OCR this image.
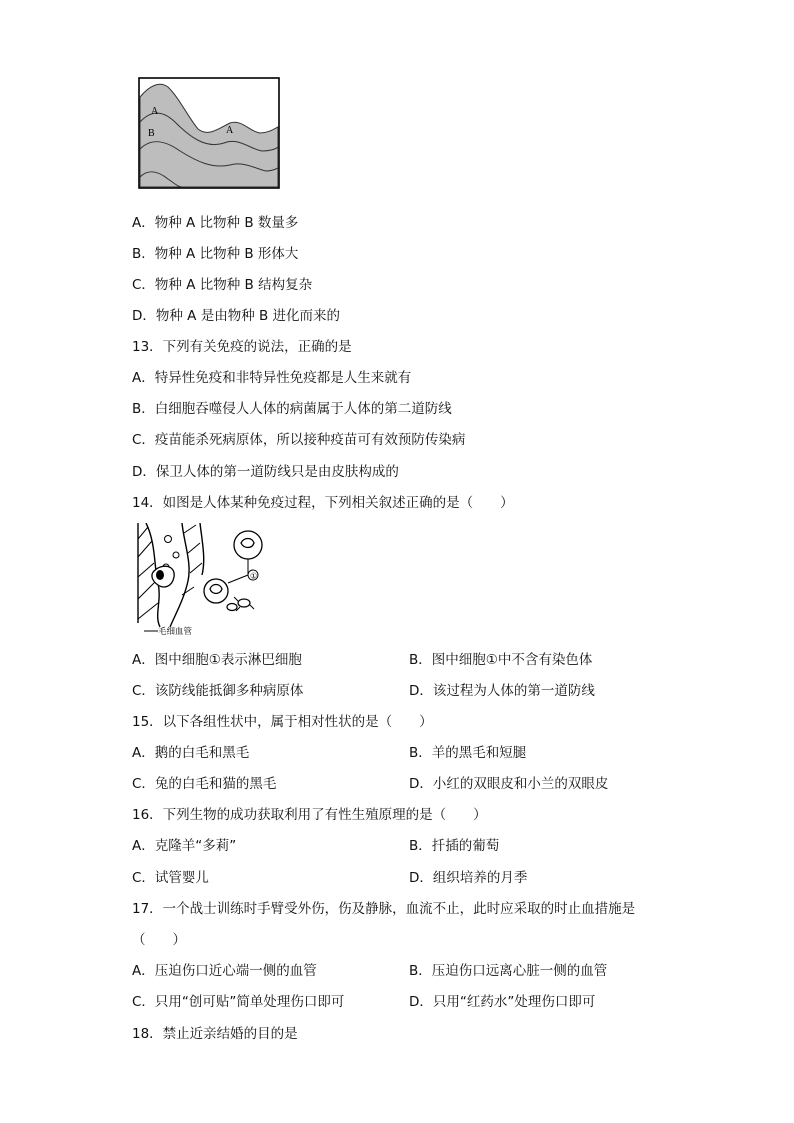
A
B	A
A．物种 A 比物种 B 数量多
B．物种 A 比物种 B 形体大
C．物种 A 比物种 B 结构复杂
D．物种 A 是由物种 B 进化而来的
13．下列有关免疫的说法，正确的是
A．特异性免疫和非特异性免疫都是人生来就有
B．白细胞吞噬侵人人体的病菌属于人体的第二道防线
C．疫苗能杀死病原体，所以接种疫苗可有效预防传染病
D．保卫人体的第一道防线只是由皮肤构成的
14．如图是人体某种免疫过程，下列相关叙述正确的是（　　）
①
毛细血管
A．图中细胞①表示淋巴细胞	B．图中细胞①中不含有染色体
C．该防线能抵御多种病原体	D．该过程为人体的第一道防线
15．以下各组性状中，属于相对性状的是（　　）
A．鹅的白毛和黑毛	B．羊的黑毛和短腿
C．兔的白毛和猫的黑毛	D．小红的双眼皮和小兰的双眼皮
16．下列生物的成功获取利用了有性生殖原理的是（　　）
A．克隆羊“多莉”	B．扦插的葡萄
C．试管婴儿	D．组织培养的月季
17．一个战士训练时手臂受外伤，伤及静脉，血流不止，此时应采取的时止血措施是
（　　）
A．压迫伤口近心端一侧的血管	B．压迫伤口远离心脏一侧的血管
C．只用“创可贴”简单处理伤口即可	D．只用“红药水”处理伤口即可
18．禁止近亲结婚的目的是
